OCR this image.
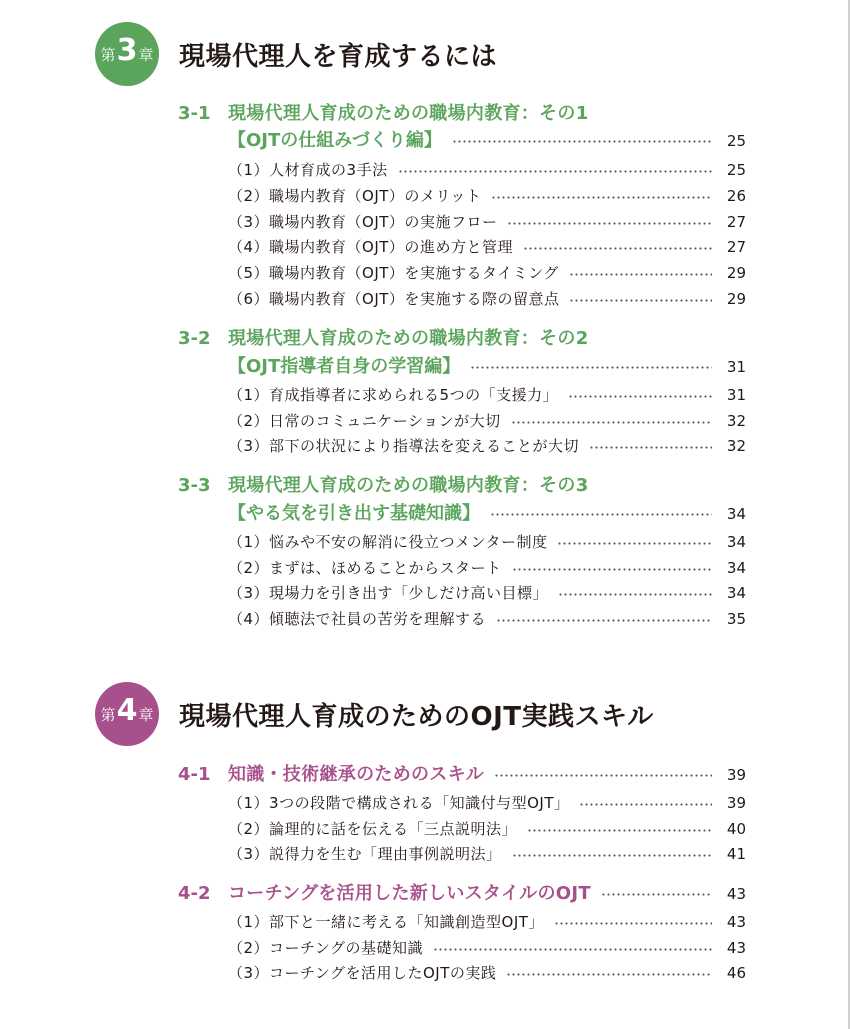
第 3 章 現場代理人を育成するには
3-1 現場代理人育成のための職場内教育：その1
【OJTの仕組みづくり編】	25
（1）人材育成の3手法	25
（2）職場内教育（OJT）のメリット	26
（3）職場内教育（OJT）の実施フロー	27
（4）職場内教育（OJT）の進め方と管理	27
（5）職場内教育（OJT）を実施するタイミング	29
（6）職場内教育（OJT）を実施する際の留意点	29
3-2 現場代理人育成のための職場内教育：その2
【OJT指導者自身の学習編】	31
（1）育成指導者に求められる5つの「支援力」	31
（2）日常のコミュニケーションが大切	32
（3）部下の状況により指導法を変えることが大切	32
3-3 現場代理人育成のための職場内教育：その3
【やる気を引き出す基礎知識】	34
（1）悩みや不安の解消に役立つメンター制度	34
（2）まずは、ほめることからスタート	34
（3）現場力を引き出す「少しだけ高い目標」	34
（4）傾聴法で社員の苦労を理解する	35
第 4 章 現場代理人育成のためのOJT実践スキル
4-1 知識・技術継承のためのスキル	39
（1）3つの段階で構成される「知識付与型OJT」	39
（2）論理的に話を伝える「三点説明法」	40
（3）説得力を生む「理由事例説明法」	41
4-2 コーチングを活用した新しいスタイルのOJT	43
（1）部下と一緒に考える「知識創造型OJT」	43
（2）コーチングの基礎知識	43
（3）コーチングを活用したOJTの実践	46
